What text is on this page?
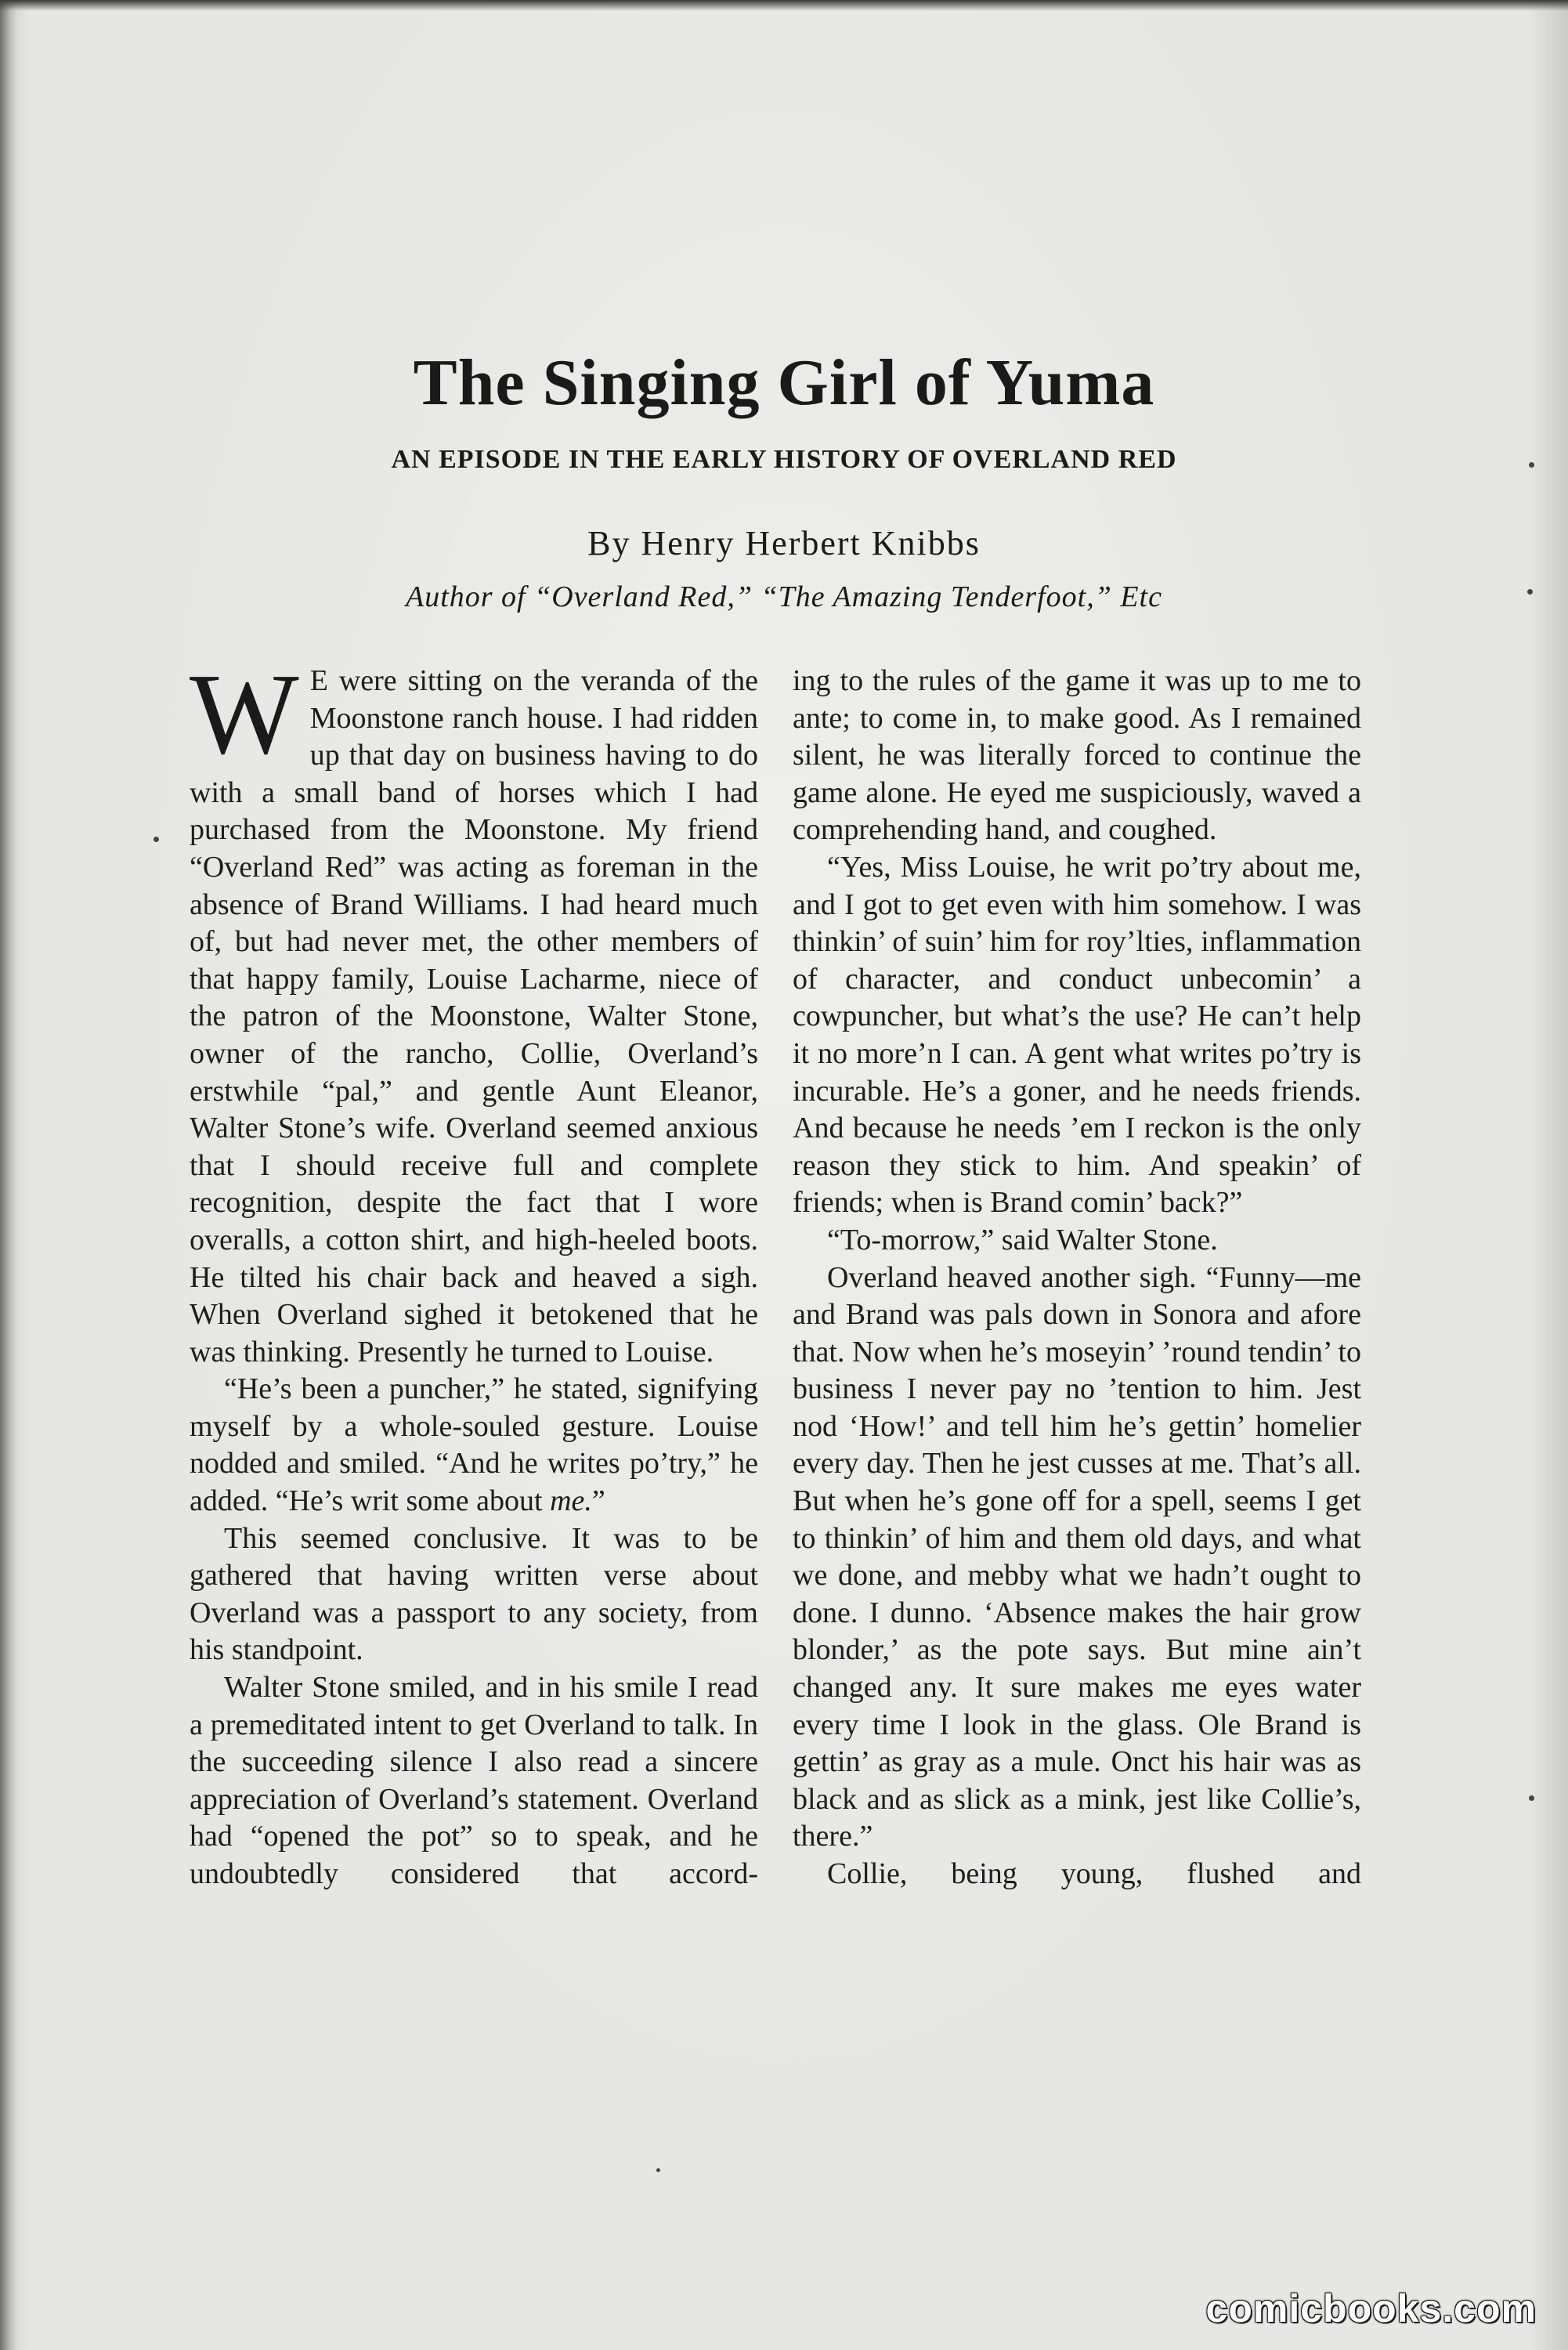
The Singing Girl of Yuma
AN EPISODE IN THE EARLY HISTORY OF OVERLAND RED
By Henry Herbert Knibbs
Author of “Overland Red,” “The Amazing Tenderfoot,” Etc

W E were sitting on the veranda of the Moonstone ranch house. I had ridden up that day on business having to do with a small band of horses which I had purchased from the Moonstone. My friend “Overland Red” was acting as foreman in the absence of Brand Williams. I had heard much of, but had never met, the other members of that happy family, Louise Lacharme, niece of the patron of the Moonstone, Walter Stone, owner of the rancho, Collie, Overland’s erstwhile “pal,” and gentle Aunt Eleanor, Walter Stone’s wife. Overland seemed anxious that I should receive full and complete recognition, despite the fact that I wore overalls, a cotton shirt, and high-heeled boots. He tilted his chair back and heaved a sigh. When Overland sighed it betokened that he was thinking. Presently he turned to Louise.

“He’s been a puncher,” he stated, signifying myself by a whole-souled gesture. Louise nodded and smiled. “And he writes po’try,” he added. “He’s writ some about me.”

This seemed conclusive. It was to be gathered that having written verse about Overland was a passport to any society, from his standpoint.

Walter Stone smiled, and in his smile I read a premeditated intent to get Overland to talk. In the succeeding silence I also read a sincere appreciation of Overland’s statement. Overland had “opened the pot” so to speak, and he undoubtedly considered that accord-

ing to the rules of the game it was up to me to ante; to come in, to make good. As I remained silent, he was literally forced to continue the game alone. He eyed me suspiciously, waved a comprehending hand, and coughed.

“Yes, Miss Louise, he writ po’try about me, and I got to get even with him somehow. I was thinkin’ of suin’ him for roy’lties, inflammation of character, and conduct unbecomin’ a cowpuncher, but what’s the use? He can’t help it no more’n I can. A gent what writes po’try is incurable. He’s a goner, and he needs friends. And because he needs ’em I reckon is the only reason they stick to him. And speakin’ of friends; when is Brand comin’ back?”

“To-morrow,” said Walter Stone.

Overland heaved another sigh. “Funny—me and Brand was pals down in Sonora and afore that. Now when he’s moseyin’ ’round tendin’ to business I never pay no ’tention to him. Jest nod ‘How!’ and tell him he’s gettin’ homelier every day. Then he jest cusses at me. That’s all. But when he’s gone off for a spell, seems I get to thinkin’ of him and them old days, and what we done, and mebby what we hadn’t ought to done. I dunno. ‘Absence makes the hair grow blonder,’ as the pote says. But mine ain’t changed any. It sure makes me eyes water every time I look in the glass. Ole Brand is gettin’ as gray as a mule. Onct his hair was as black and as slick as a mink, jest like Collie’s, there.”

Collie, being young, flushed and

comicbooks.com
